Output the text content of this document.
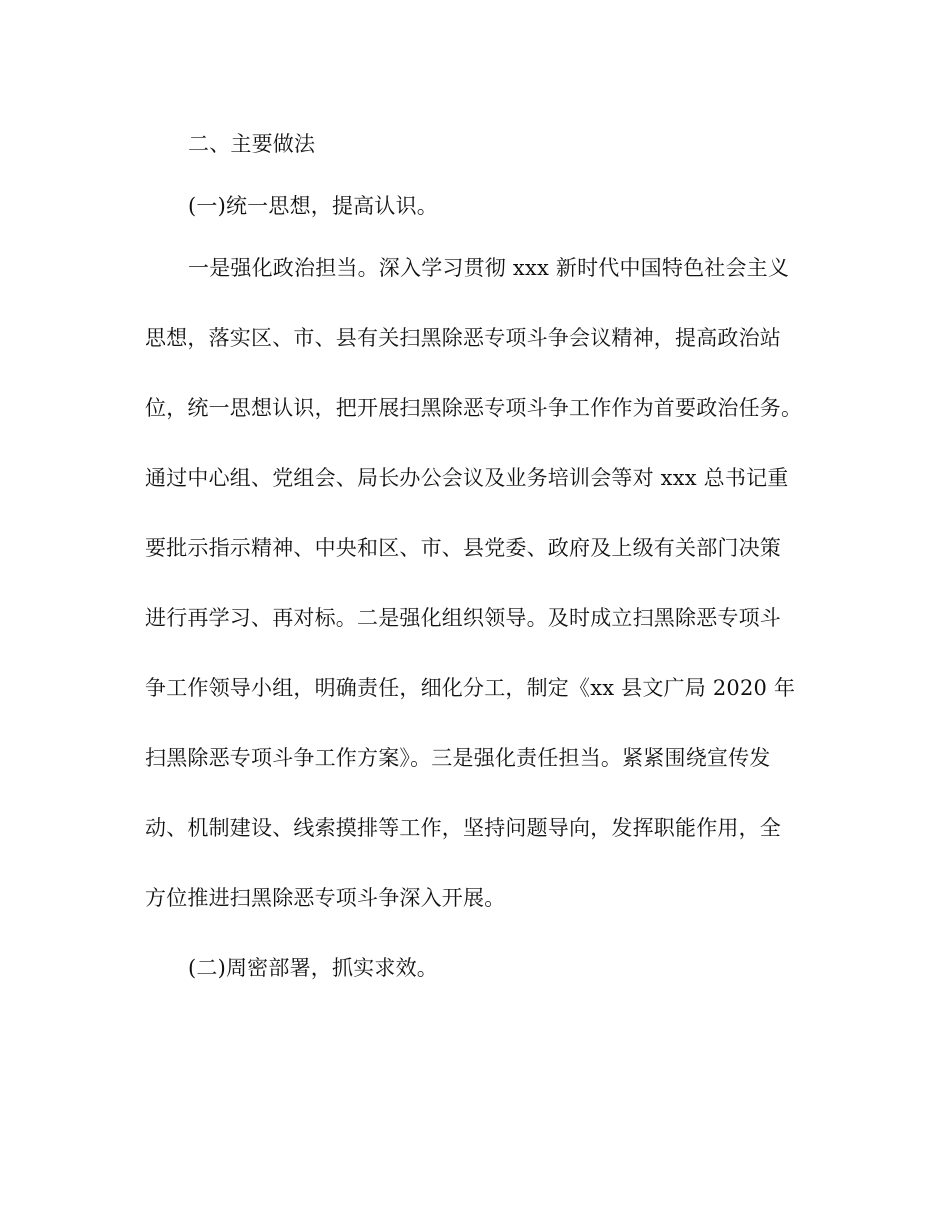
二、主要做法
(一)统一思想，提高认识。
一是强化政治担当。深入学习贯彻 xxx 新时代中国特色社会主义
思想，落实区、市、县有关扫黑除恶专项斗争会议精神，提高政治站
位，统一思想认识，把开展扫黑除恶专项斗争工作作为首要政治任务。
通过中心组、党组会、局长办公会议及业务培训会等对 xxx 总书记重
要批示指示精神、中央和区、市、县党委、政府及上级有关部门决策
进行再学习、再对标。二是强化组织领导。及时成立扫黑除恶专项斗
争工作领导小组，明确责任，细化分工，制定《xx 县文广局 2020 年
扫黑除恶专项斗争工作方案》。三是强化责任担当。紧紧围绕宣传发
动、机制建设、线索摸排等工作，坚持问题导向，发挥职能作用，全
方位推进扫黑除恶专项斗争深入开展。
(二)周密部署，抓实求效。
